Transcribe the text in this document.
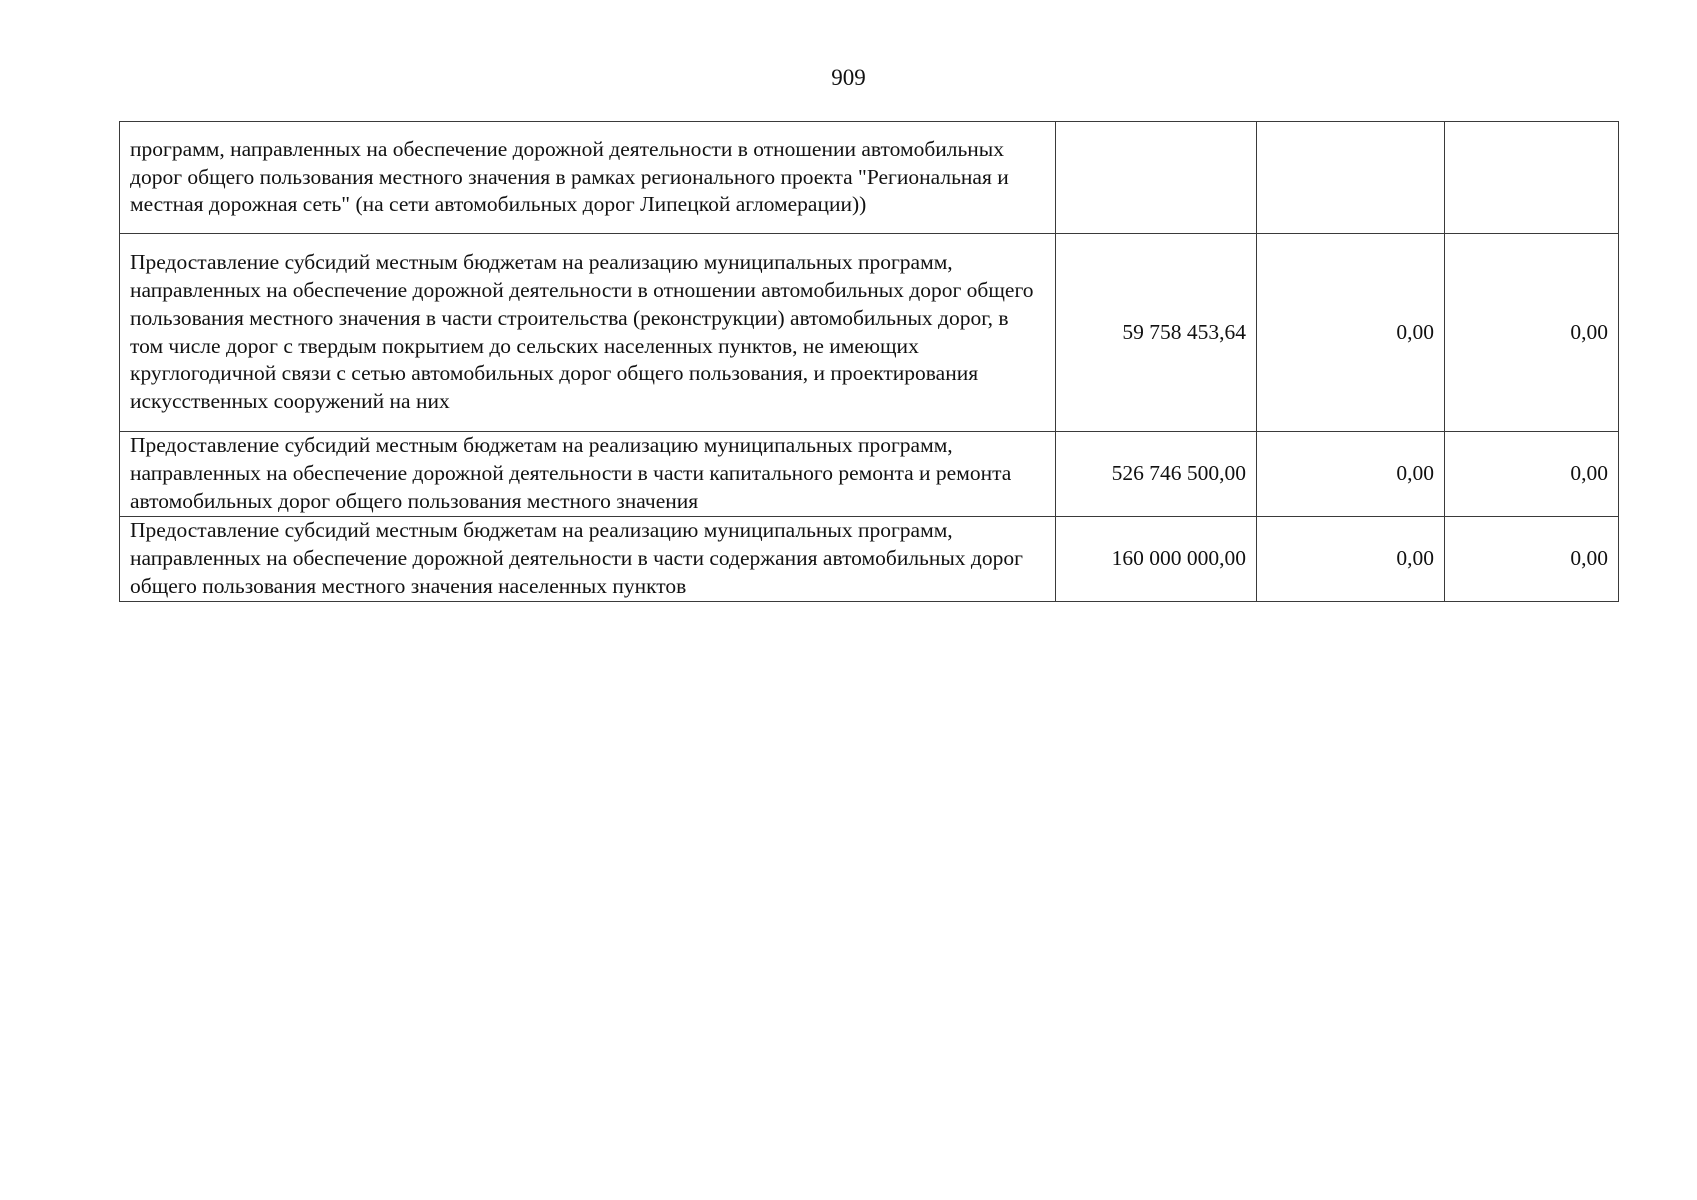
909
программ, направленных на обеспечение дорожной деятельности в отношении автомобильных дорог общего пользования местного значения в рамках регионального проекта "Региональная и местная дорожная сеть" (на сети автомобильных дорог Липецкой агломерации))			
Предоставление субсидий местным бюджетам на реализацию муниципальных программ, направленных на обеспечение дорожной деятельности в отношении автомобильных дорог общего пользования местного значения в части строительства (реконструкции) автомобильных дорог, в том числе дорог с твердым покрытием до сельских населенных пунктов, не имеющих круглогодичной связи с сетью автомобильных дорог общего пользования, и проектирования искусственных сооружений на них	59 758 453,64	0,00	0,00
Предоставление субсидий местным бюджетам на реализацию муниципальных программ, направленных на обеспечение дорожной деятельности в части капитального ремонта и ремонта автомобильных дорог общего пользования местного значения	526 746 500,00	0,00	0,00
Предоставление субсидий местным бюджетам на реализацию муниципальных программ, направленных на обеспечение дорожной деятельности в части содержания автомобильных дорог общего пользования местного значения населенных пунктов	160 000 000,00	0,00	0,00
